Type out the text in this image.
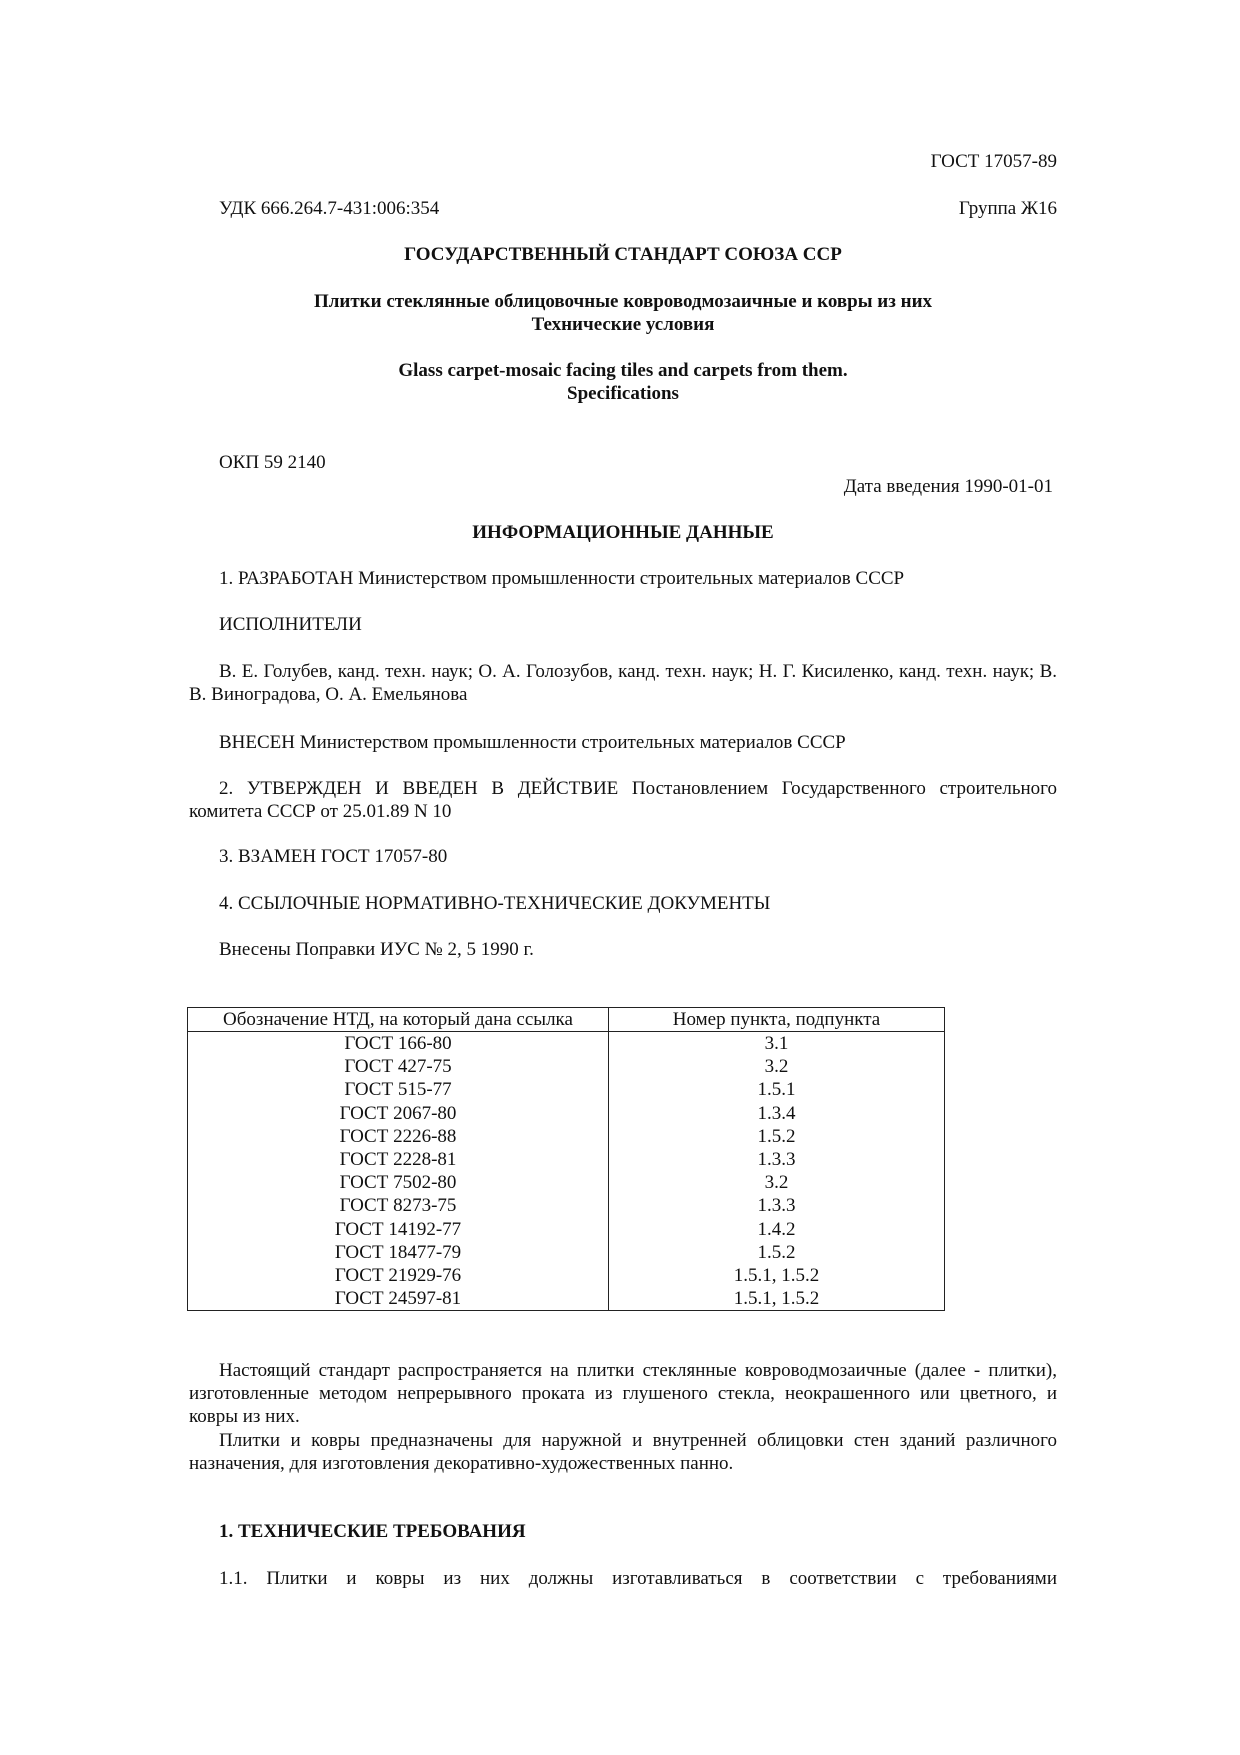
ГОСТ 17057-89
УДК 666.264.7-431:006:354	Группа Ж16
ГОСУДАРСТВЕННЫЙ СТАНДАРТ СОЮЗА ССР
Плитки стеклянные облицовочные ковроводмозаичные и ковры из них
Технические условия
Glass carpet-mosaic facing tiles and carpets from them.
Specifications
ОКП 59 2140
Дата введения 1990-01-01
ИНФОРМАЦИОННЫЕ ДАННЫЕ
1. РАЗРАБОТАН Министерством промышленности строительных материалов СССР
ИСПОЛНИТЕЛИ
В. Е. Голубев, канд. техн. наук; О. А. Голозубов, канд. техн. наук; Н. Г. Кисиленко, канд. техн. наук; В. В. Виноградова, О. А. Емельянова
ВНЕСЕН Министерством промышленности строительных материалов СССР
2. УТВЕРЖДЕН И ВВЕДЕН В ДЕЙСТВИЕ Постановлением Государственного строительного комитета СССР от 25.01.89 N 10
3. ВЗАМЕН ГОСТ 17057-80
4. ССЫЛОЧНЫЕ НОРМАТИВНО-ТЕХНИЧЕСКИЕ ДОКУМЕНТЫ
Внесены Поправки ИУС № 2, 5 1990 г.
Обозначение НТД, на который дана ссылка	Номер пункта, подпункта
ГОСТ 166-80	3.1
ГОСТ 427-75	3.2
ГОСТ 515-77	1.5.1
ГОСТ 2067-80	1.3.4
ГОСТ 2226-88	1.5.2
ГОСТ 2228-81	1.3.3
ГОСТ 7502-80	3.2
ГОСТ 8273-75	1.3.3
ГОСТ 14192-77	1.4.2
ГОСТ 18477-79	1.5.2
ГОСТ 21929-76	1.5.1, 1.5.2
ГОСТ 24597-81	1.5.1, 1.5.2
Настоящий стандарт распространяется на плитки стеклянные ковроводмозаичные (далее - плитки), изготовленные методом непрерывного проката из глушеного стекла, неокрашенного или цветного, и ковры из них.
Плитки и ковры предназначены для наружной и внутренней облицовки стен зданий различного назначения, для изготовления декоративно-художественных панно.
1. ТЕХНИЧЕСКИЕ ТРЕБОВАНИЯ
1.1. Плитки и ковры из них должны изготавливаться в соответствии с требованиями
